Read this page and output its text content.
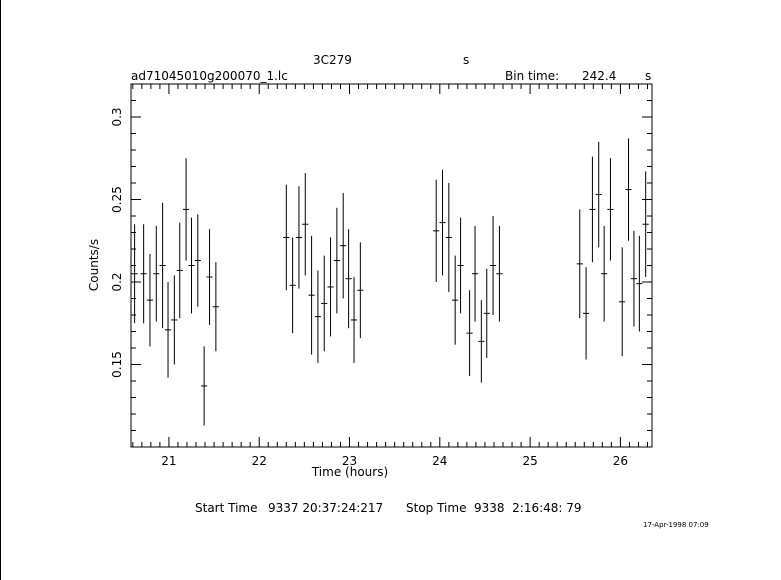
3C279	s
ad71045010g200070_1.lc	Bin time: 242.4 s
21	22	23	24	25	26
0.15
0.2
0.25
0.3
Time (hours)
Counts/s
Start Time 9337 20:37:24:217 Stop Time 9338  2:16:48: 79
17-Apr-1998 07:09
